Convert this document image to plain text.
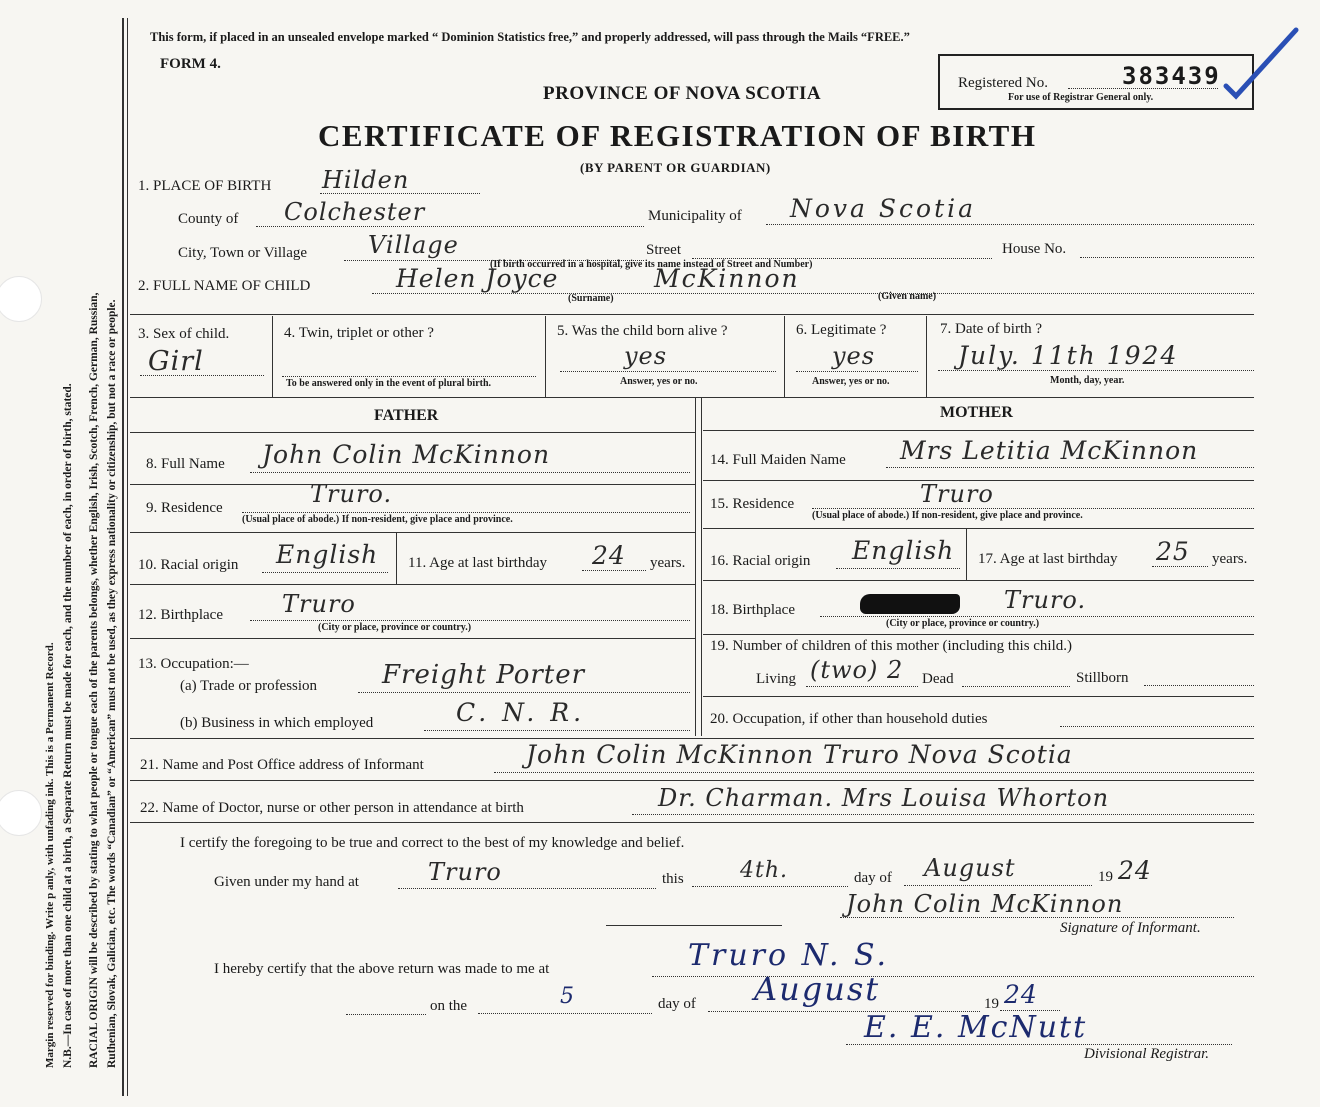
Margin reserved for binding. Write p anly, with unfading ink. This is a Permanent Record. N.B.—In case of more than one child at a birth, a Separate Return must be made for each, and the number of each, in order of birth, stated. RACIAL ORIGIN will be described by stating to what people or tongue each of the parents belongs, whether English, Irish, Scotch, French, German, Russian, Ruthenian, Slovak, Galician, etc. The words “Canadian” or “American” must not be used, as they express nationality or citizenship, but not a race or people.
This form, if placed in an unsealed envelope marked “ Dominion Statistics free,” and properly addressed, will pass through the Mails “FREE.”
FORM 4.
PROVINCE OF NOVA SCOTIA
CERTIFICATE OF REGISTRATION OF BIRTH
(BY PARENT OR GUARDIAN)
Registered No.	383439
For use of Registrar General only.
1. PLACE OF BIRTH Hilden
County of Colchester	Municipality of Nova Scotia
City, Town or Village	Village	Street	House No.
(If birth occurred in a hospital, give its name instead of Street and Number)
2. FULL NAME OF CHILD	Helen Joyce	McKinnon
(Surname)	(Given name)
3. Sex of child.
Girl
4. Twin, triplet or other ?
To be answered only in the event of plural birth.
5. Was the child born alive ?
yes
Answer, yes or no.
6. Legitimate ?
yes
Answer, yes or no.
7. Date of birth ?
July. 11th 1924
Month, day, year.
FATHER
8. Full Name John Colin McKinnon
9. Residence	Truro.
(Usual place of abode.) If non-resident, give place and province.
10. Racial origin English 11. Age at last birthday 24 years.
12. Birthplace Truro
(City or place, province or country.)
13. Occupation:—
(a) Trade or profession Freight Porter
(b) Business in which employed	C. N. R.
MOTHER
14. Full Maiden Name Mrs Letitia McKinnon
15. Residence	Truro
(Usual place of abode.) If non-resident, give place and province.
16. Racial origin English 17. Age at last birthday 25 years.
18. Birthplace	Truro.
(City or place, province or country.)
19. Number of children of this mother (including this child.)
Living (two) 2 Dead	Stillborn
20. Occupation, if other than household duties
21. Name and Post Office address of Informant	John Colin McKinnon Truro Nova Scotia
22. Name of Doctor, nurse or other person in attendance at birth	Dr. Charman. Mrs Louisa Whorton
I certify the foregoing to be true and correct to the best of my knowledge and belief.
Given under my hand at	Truro	this	4th.	day of August	19 24
John Colin McKinnon
Signature of Informant.
I hereby certify that the above return was made to me at	Truro N. S.
on the	5	day of August	19 24
E. E. McNutt
Divisional Registrar.
